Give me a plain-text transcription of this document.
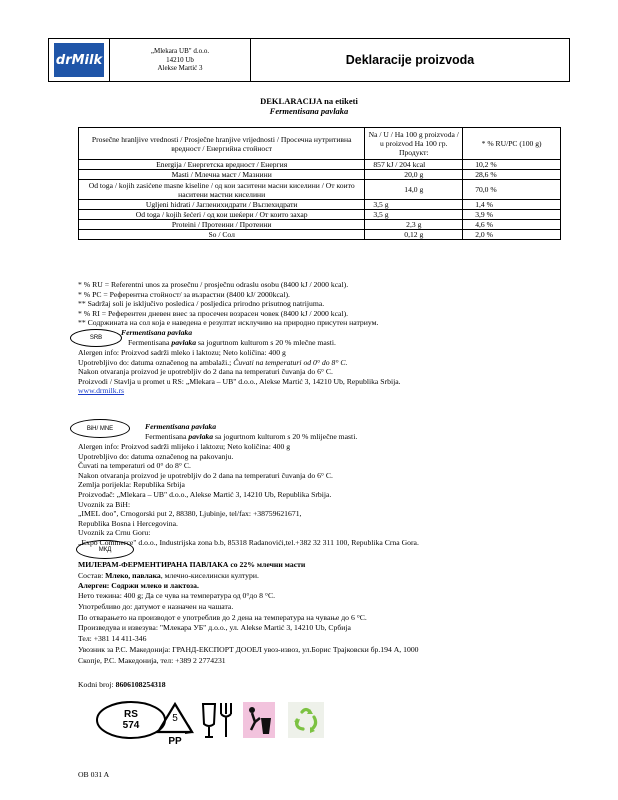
drMilk
„Mlekara UB" d.o.o.
14210 Ub
Alekse Martić 3
Deklaracije proizvoda
DEKLARACIJA na etiketi
Fermentisana pavlaka
Prosečne hranljive vrednosti / Prosječne hranjive vrijednosti / Просечна нутритивна вредност / Енергийна стойност	Na / U / На 100 g proizvoda / u proizvod На 100 гр. Продукт:	* % RU/PC (100 g)
Energija / Енергетска вредност / Енергия	857 kJ / 204 kcal	10,2 %
Masti / Млечна маст / Мазнини	20,0 g	28,6 %
Od toga / kojih zasićene masne kiseline / од кои заситени масни киселини / От които наситени мастни киселини	14,0 g	70,0 %
Ugljeni hidrati / Јагленихидрати / Въглехидрати	3,5 g	1,4 %
Od toga / kojih šećeri / од кои шеќери / От които захар	3,5 g	3,9 %
Proteini / Протеини / Протеини	2,3 g	4,6 %
So / Сол	0,12 g	2,0 %
* % RU = Referentni unos za prosečnu / prosječnu odraslu osobu (8400 kJ / 2000 kcal).
* % PC = Референтна стойност/ за възрастни (8400 kJ/ 2000kcal).
** Sadržaj soli je isključivo posledica / posljedica prirodno prisutnog natrijuma.
* % RI = Референтен дневен внес за просечен возрасен човек (8400 kJ / 2000 kcal).
** Содржината на сол која е наведена е резултат исклучиво на природно присутен натриум.
SRB
Fermentisana pavlaka
Fermentisana pavlaka sa jogurtnom kulturom s 20 % mlečne masti.
Alergen info: Proizvod sadrži mleko i laktozu; Neto količina: 400 g
Upotrebljivo do: datuma označenog na ambalaži.; Čuvati na temperaturi od 0° do 8° C.
Nakon otvaranja proizvod je upotrebljiv do 2 dana na temperaturi čuvanja do 6° C.
Proizvodi / Stavlja u promet u RS: „Mlekara – UB" d.o.o., Alekse Martić 3, 14210 Ub, Republika Srbija.
www.drmilk.rs
BiH/ MNE	Fermentisana pavlaka
Fermentisana pavlaka sa jogurtnom kulturom s 20 % mliječne masti.
Alergen info: Proizvod sadrži mlijeko i laktozu; Neto količina: 400 g
Upotrebljivo do: datuma označenog na pakovanju.
Čuvati na temperaturi od 0° do 8° C.
Nakon otvaranja proizvod je upotrebljiv do 2 dana na temperaturi čuvanja do 6° C.
Zemlja porijekla: Republika Srbija
Proizvođač: „Mlekara – UB" d.o.o., Alekse Martić 3, 14210 Ub, Republika Srbija.
Uvoznik za BiH:
„IMEL doo", Crnogorski put 2, 88380, Ljubinje, tel/fax: +38759621671,
Republika Bosna i Hercegovina.
Uvoznik za Crnu Goru:
„Expo Commerce" d.o.o., Industrijska zona b.b, 85318 Radanovići,tel.+382 32 311 100, Republika Crna Gora.
МКД
МИЛЕРАМ-ФЕРМЕНТИРАНА ПАВЛАКА со 22% млечни масти
Состав: Млеко, павлака, млечно-киселински култури.
Алерген: Содржи млеко и лактоза.
Нето тежина: 400 g; Да се чува на температура од 0°до 8 °C.
Употребливо до: датумот е назначен на чашата.
По отварањето на производот е употреблив до 2 дена на температура на чување до 6 °C.
Произведува и извезува: "Млекара УБ" д.о.о., ул. Alekse Martić 3, 14210 Ub, Србија
Тел: +381 14 411-346
Увозник за Р.С. Македонија: ГРАНД-ЕКСПОРТ ДООЕЛ увоз-извоз, ул.Борис Трајковски бр.194 А, 1000
Скопје, Р.С. Македонија, тел: +389 2 2774231
Kodni broj: 8606108254318
RS
574
5
PP
OB 031 A
